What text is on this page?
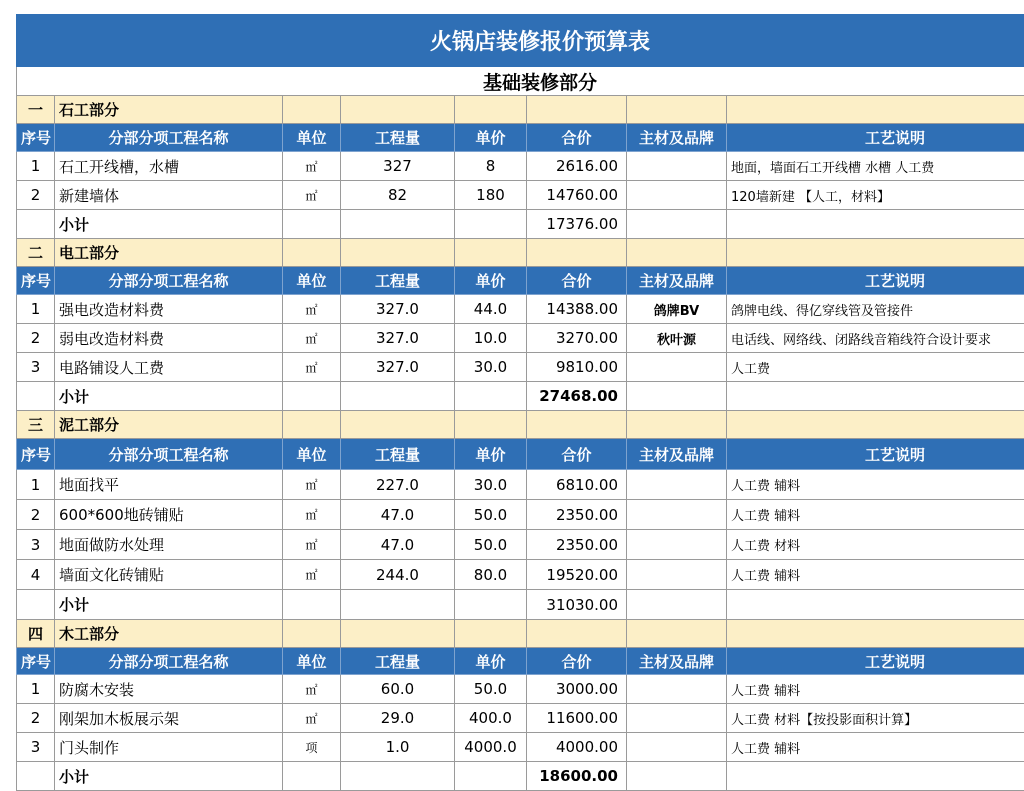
火锅店装修报价预算表							
基础装修部分							
一	石工部分						
序号	分部分项工程名称	单位	工程量	单价	合价	主材及品牌	工艺说明
1	石工开线槽，水槽	㎡	327	8	2616.00		地面，墙面石工开线槽 水槽 人工费
2	新建墙体	㎡	82	180	14760.00		120墙新建 【人工，材料】
	小计				17376.00		
二	电工部分						
序号	分部分项工程名称	单位	工程量	单价	合价	主材及品牌	工艺说明
1	强电改造材料费	㎡	327.0	44.0	14388.00	鸽牌BV	鸽牌电线、得亿穿线管及管接件
2	弱电改造材料费	㎡	327.0	10.0	3270.00	秋叶源	电话线、网络线、闭路线音箱线符合设计要求
3	电路铺设人工费	㎡	327.0	30.0	9810.00		人工费
	小计				27468.00		
三	泥工部分						
序号	分部分项工程名称	单位	工程量	单价	合价	主材及品牌	工艺说明
1	地面找平	㎡	227.0	30.0	6810.00		人工费 辅料
2	600*600地砖铺贴	㎡	47.0	50.0	2350.00		人工费 辅料
3	地面做防水处理	㎡	47.0	50.0	2350.00		人工费 材料
4	墙面文化砖铺贴	㎡	244.0	80.0	19520.00		人工费 辅料
	小计				31030.00		
四	木工部分						
序号	分部分项工程名称	单位	工程量	单价	合价	主材及品牌	工艺说明
1	防腐木安装	㎡	60.0	50.0	3000.00		人工费 辅料
2	刚架加木板展示架	㎡	29.0	400.0	11600.00		人工费 材料【按投影面积计算】
3	门头制作	项	1.0	4000.0	4000.00		人工费 辅料
	小计				18600.00		
